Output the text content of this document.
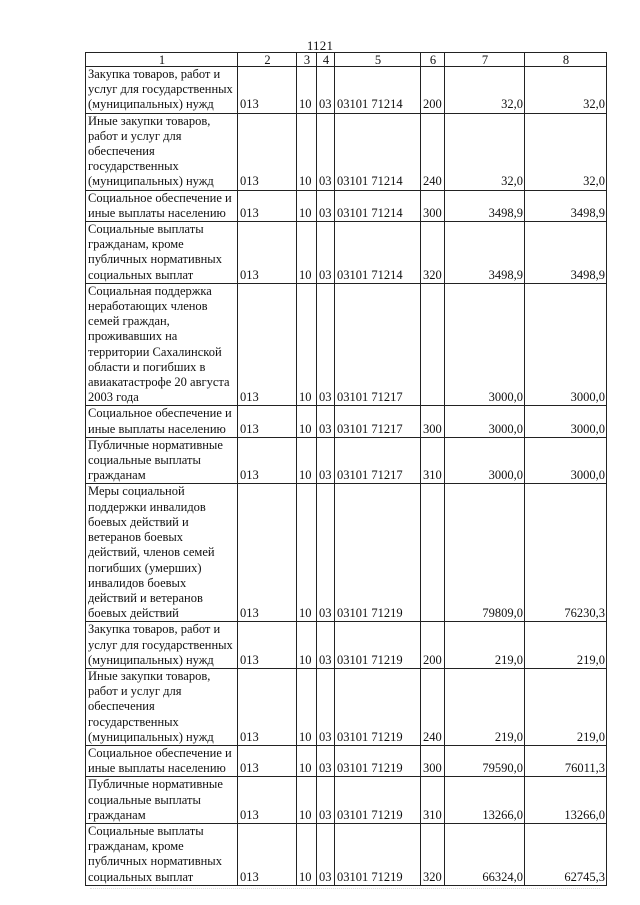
1121
1	2	3	4	5	6	7	8
Закупка товаров, работ и услуг для государственных (муниципальных) нужд	013	10	03	03101 71214	200	32,0	32,0
Иные закупки товаров, работ и услуг для обеспечения государственных (муниципальных) нужд	013	10	03	03101 71214	240	32,0	32,0
Социальное обеспечение и иные выплаты населению	013	10	03	03101 71214	300	3498,9	3498,9
Социальные выплаты гражданам, кроме публичных нормативных социальных выплат	013	10	03	03101 71214	320	3498,9	3498,9
Социальная поддержка неработающих членов семей граждан, проживавших на территории Сахалинской области и погибших в авиакатастрофе 20 августа 2003 года	013	10	03	03101 71217		3000,0	3000,0
Социальное обеспечение и иные выплаты населению	013	10	03	03101 71217	300	3000,0	3000,0
Публичные нормативные социальные выплаты гражданам	013	10	03	03101 71217	310	3000,0	3000,0
Меры социальной поддержки инвалидов боевых действий и ветеранов боевых действий, членов семей погибших (умерших) инвалидов боевых действий и ветеранов боевых действий	013	10	03	03101 71219		79809,0	76230,3
Закупка товаров, работ и услуг для государственных (муниципальных) нужд	013	10	03	03101 71219	200	219,0	219,0
Иные закупки товаров, работ и услуг для обеспечения государственных (муниципальных) нужд	013	10	03	03101 71219	240	219,0	219,0
Социальное обеспечение и иные выплаты населению	013	10	03	03101 71219	300	79590,0	76011,3
Публичные нормативные социальные выплаты гражданам	013	10	03	03101 71219	310	13266,0	13266,0
Социальные выплаты гражданам, кроме публичных нормативных социальных выплат	013	10	03	03101 71219	320	66324,0	62745,3
